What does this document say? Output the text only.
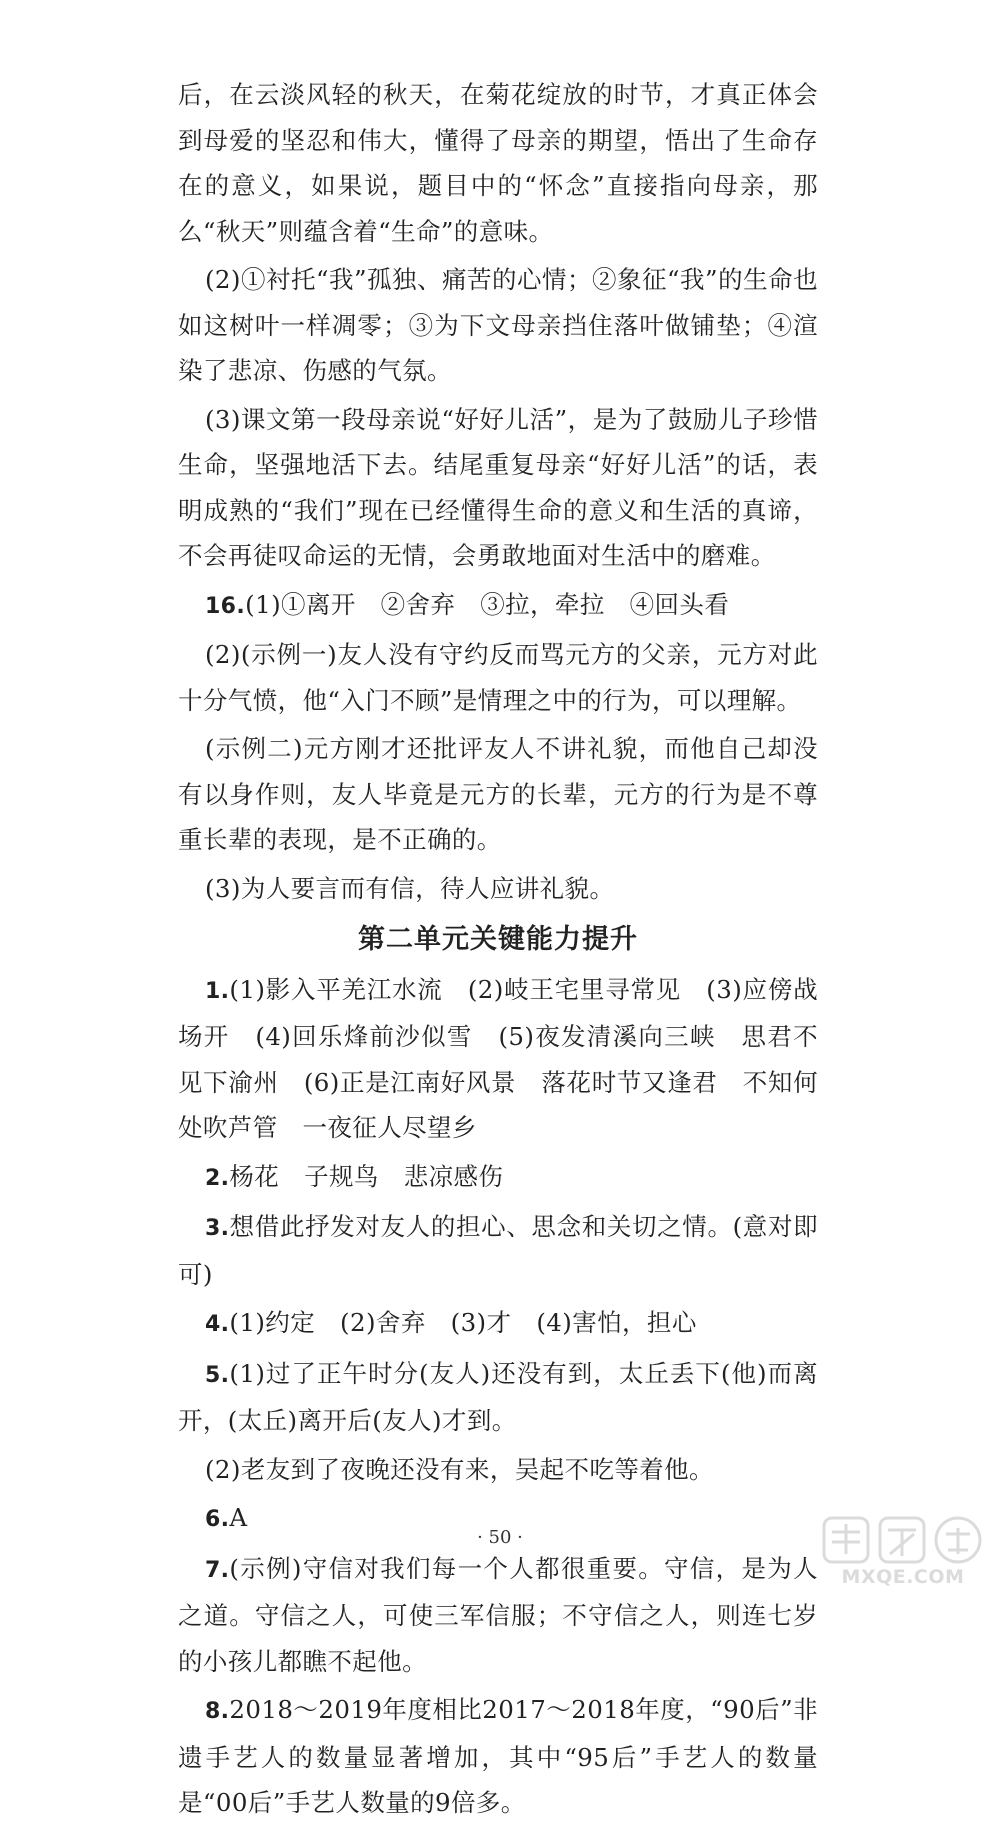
后，在云淡风轻的秋天，在菊花绽放的时节，才真正体会到母爱的坚忍和伟大，懂得了母亲的期望，悟出了生命存在的意义，如果说，题目中的“怀念”直接指向母亲，那么“秋天”则蕴含着“生命”的意味。

(2)①衬托“我”孤独、痛苦的心情；②象征“我”的生命也如这树叶一样凋零；③为下文母亲挡住落叶做铺垫；④渲染了悲凉、伤感的气氛。

(3)课文第一段母亲说“好好儿活”，是为了鼓励儿子珍惜生命，坚强地活下去。结尾重复母亲“好好儿活”的话，表明成熟的“我们”现在已经懂得生命的意义和生活的真谛，不会再徒叹命运的无情，会勇敢地面对生活中的磨难。

16.(1)①离开　②舍弃　③拉，牵拉　④回头看

(2)(示例一)友人没有守约反而骂元方的父亲，元方对此十分气愤，他“入门不顾”是情理之中的行为，可以理解。

(示例二)元方刚才还批评友人不讲礼貌，而他自己却没有以身作则，友人毕竟是元方的长辈，元方的行为是不尊重长辈的表现，是不正确的。

(3)为人要言而有信，待人应讲礼貌。

第二单元关键能力提升

1.(1)影入平羌江水流　(2)岐王宅里寻常见　(3)应傍战场开　(4)回乐烽前沙似雪　(5)夜发清溪向三峡　思君不见下渝州　(6)正是江南好风景　落花时节又逢君　不知何处吹芦管　一夜征人尽望乡

2.杨花　子规鸟　悲凉感伤

3.想借此抒发对友人的担心、思念和关切之情。(意对即可)

4.(1)约定　(2)舍弃　(3)才　(4)害怕，担心

5.(1)过了正午时分(友人)还没有到，太丘丢下(他)而离开，(太丘)离开后(友人)才到。

(2)老友到了夜晚还没有来，吴起不吃等着他。

6.A

7.(示例)守信对我们每一个人都很重要。守信，是为人之道。守信之人，可使三军信服；不守信之人，则连七岁的小孩儿都瞧不起他。

8.2018～2019年度相比2017～2018年度，“90后”非遗手艺人的数量显著增加，其中“95后”手艺人的数量是“00后”手艺人数量的9倍多。

· 50 ·
MXQE.COM
